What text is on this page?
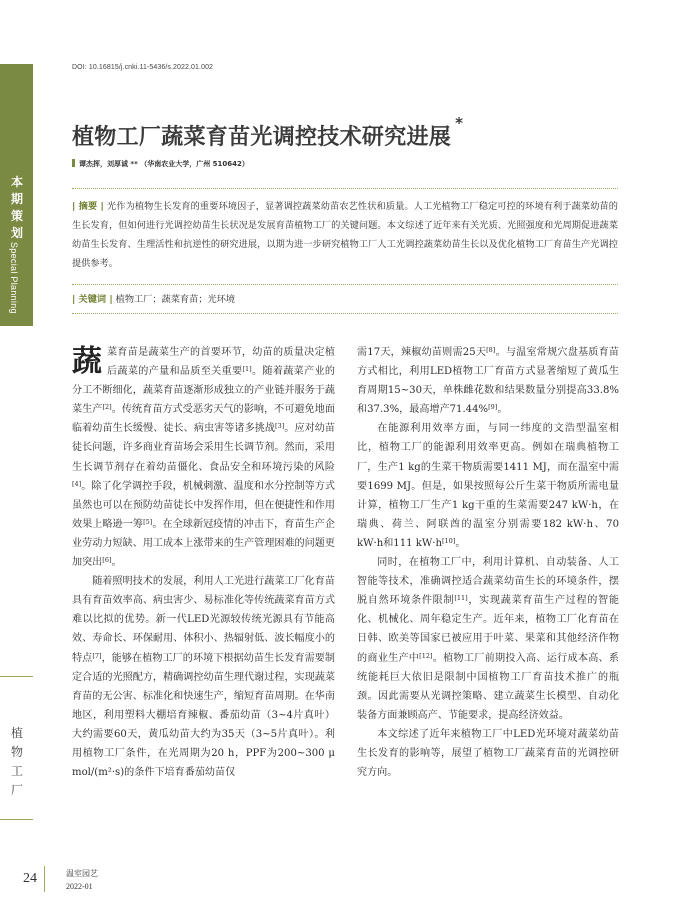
DOI: 10.16815/j.cnki.11-5436/s.2022.01.002
本期策划
Special Planning
植物工厂
植物工厂蔬菜育苗光调控技术研究进展*
谭杰挥，刘厚诚 ** （华南农业大学，广州 510642）
| 摘要 | 光作为植物生长发育的重要环境因子，显著调控蔬菜幼苗农艺性状和质量。人工光植物工厂稳定可控的环境有利于蔬菜幼苗的生长发育，但如何进行光调控幼苗生长状况是发展育苗植物工厂的关键问题。本文综述了近年来有关光质、光照强度和光周期促进蔬菜幼苗生长发育、生理活性和抗逆性的研究进展，以期为进一步研究植物工厂人工光调控蔬菜幼苗生长以及优化植物工厂育苗生产光调控提供参考。
| 关键词 | 植物工厂；蔬菜育苗；光环境

蔬菜育苗是蔬菜生产的首要环节，幼苗的质量决定植后蔬菜的产量和品质至关重要[1]。随着蔬菜产业的分工不断细化，蔬菜育苗逐渐形成独立的产业链并服务于蔬菜生产[2]。传统育苗方式受恶劣天气的影响，不可避免地面临着幼苗生长缓慢、徒长、病虫害等诸多挑战[3]。应对幼苗徒长问题，许多商业育苗场会采用生长调节剂。然而，采用生长调节剂存在着幼苗僵化、食品安全和环境污染的风险[4]。除了化学调控手段，机械刺激、温度和水分控制等方式虽然也可以在预防幼苗徒长中发挥作用，但在便捷性和作用效果上略逊一筹[5]。在全球新冠疫情的冲击下，育苗生产企业劳动力短缺、用工成本上涨带来的生产管理困难的问题更加突出[6]。

随着照明技术的发展，利用人工光进行蔬菜工厂化育苗具有育苗效率高、病虫害少、易标准化等传统蔬菜育苗方式难以比拟的优势。新一代LED光源较传统光源具有节能高效、寿命长、环保耐用、体积小、热辐射低、波长幅度小的特点[7]，能够在植物工厂的环境下根据幼苗生长发育需要制定合适的光照配方，精确调控幼苗生理代谢过程，实现蔬菜育苗的无公害、标准化和快速生产，缩短育苗周期。在华南地区，利用塑料大棚培育辣椒、番茄幼苗（3~4片真叶）大约需要60天，黄瓜幼苗大约为35天（3~5片真叶）。利用植物工厂条件，在光周期为20 h，PPF为200~300 μ mol/(m²·s)的条件下培育番茄幼苗仅

需17天，辣椒幼苗则需25天[8]。与温室常规穴盘基质育苗方式相比，利用LED植物工厂育苗方式显著缩短了黄瓜生育周期15~30天，单株雌花数和结果数量分别提高33.8%和37.3%，最高增产71.44%[9]。

在能源利用效率方面，与同一纬度的文浩型温室相比，植物工厂的能源利用效率更高。例如在瑞典植物工厂，生产1 kg的生菜干物质需要1411 MJ，而在温室中需要1699 MJ。但是，如果按照每公斤生菜干物质所需电量计算，植物工厂生产1 kg干重的生菜需要247 kW·h，在瑞典、荷兰、阿联酋的温室分别需要182 kW·h、70 kW·h和111 kW·h[10]。

同时，在植物工厂中，利用计算机、自动装备、人工智能等技术，准确调控适合蔬菜幼苗生长的环境条件，摆脱自然环境条件限制[11]，实现蔬菜育苗生产过程的智能化、机械化、周年稳定生产。近年来，植物工厂化育苗在日韩、欧美等国家已被应用于叶菜、果菜和其他经济作物的商业生产中[12]。植物工厂前期投入高、运行成本高、系统能耗巨大依旧是限制中国植物工厂育苗技术推广的瓶颈。因此需要从光调控策略、建立蔬菜生长模型、自动化装备方面兼顾高产、节能要求，提高经济效益。

本文综述了近年来植物工厂中LED光环境对蔬菜幼苗生长发育的影响等，展望了植物工厂蔬菜育苗的光调控研究方向。

24	温室园艺
2022-01
